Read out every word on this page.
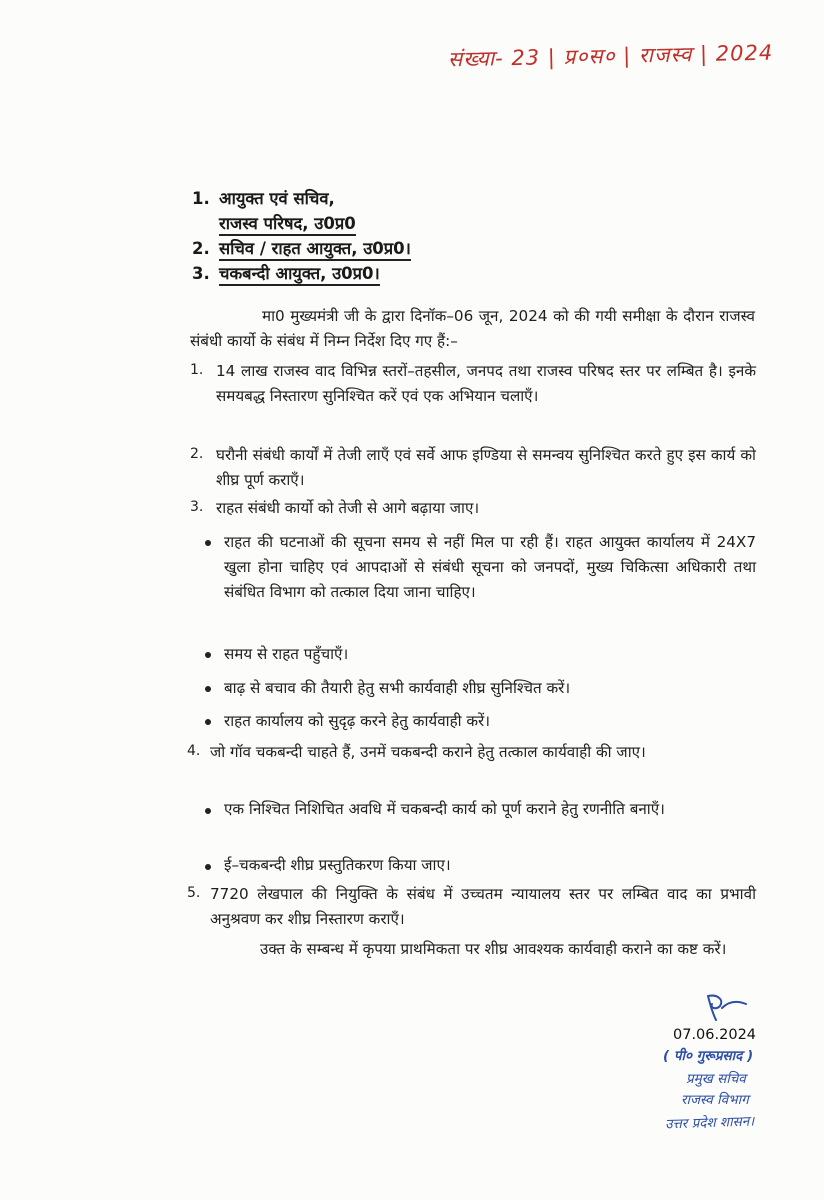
संख्या- 23 | प्र०स० | राजस्व | 2024
1. आयुक्त एवं सचिव,
राजस्व परिषद, उ0प्र0
2. सचिव / राहत आयुक्त, उ0प्र0।
3. चकबन्दी आयुक्त, उ0प्र0।
मा0 मुख्यमंत्री जी के द्वारा दिनॉक–06 जून, 2024 को की गयी समीक्षा के दौरान राजस्व संबंधी कार्यो के संबंध में निम्न निर्देश दिए गए हैं:–
1. 14 लाख राजस्व वाद विभिन्न स्तरों–तहसील, जनपद तथा राजस्व परिषद स्तर पर लम्बित है। इनके समयबद्ध निस्तारण सुनिश्चित करें एवं एक अभियान चलाएँ।
2. घरौनी संबंधी कार्यों में तेजी लाएँ एवं सर्वे आफ इण्डिया से समन्वय सुनिश्चित करते हुए इस कार्य को शीघ्र पूर्ण कराएँ।
3. राहत संबंधी कार्यो को तेजी से आगे बढ़ाया जाए।
राहत की घटनाओं की सूचना समय से नहीं मिल पा रही हैं। राहत आयुक्त कार्यालय में 24X7 खुला होना चाहिए एवं आपदाओं से संबंधी सूचना को जनपदों, मुख्य चिकित्सा अधिकारी तथा संबंधित विभाग को तत्काल दिया जाना चाहिए।
समय से राहत पहुँचाएँ।
बाढ़ से बचाव की तैयारी हेतु सभी कार्यवाही शीघ्र सुनिश्चित करें।
राहत कार्यालय को सुदृढ़ करने हेतु कार्यवाही करें।
4. जो गॉव चकबन्दी चाहते हैं, उनमें चकबन्दी कराने हेतु तत्काल कार्यवाही की जाए।
एक निश्चित निशिचित अवधि में चकबन्दी कार्य को पूर्ण कराने हेतु रणनीति बनाएँ।
ई–चकबन्दी शीघ्र प्रस्तुतिकरण किया जाए।
5. 7720 लेखपाल की नियुक्ति के संबंध में उच्चतम न्यायालय स्तर पर लम्बित वाद का प्रभावी अनुश्रवण कर शीघ्र निस्तारण कराएँ।
उक्त के सम्बन्ध में कृपया प्राथमिकता पर शीघ्र आवश्यक कार्यवाही कराने का कष्ट करें।
07.06.2024
( पी० गुरूप्रसाद )
प्रमुख सचिव
राजस्व विभाग
उत्तर प्रदेश शासन।
